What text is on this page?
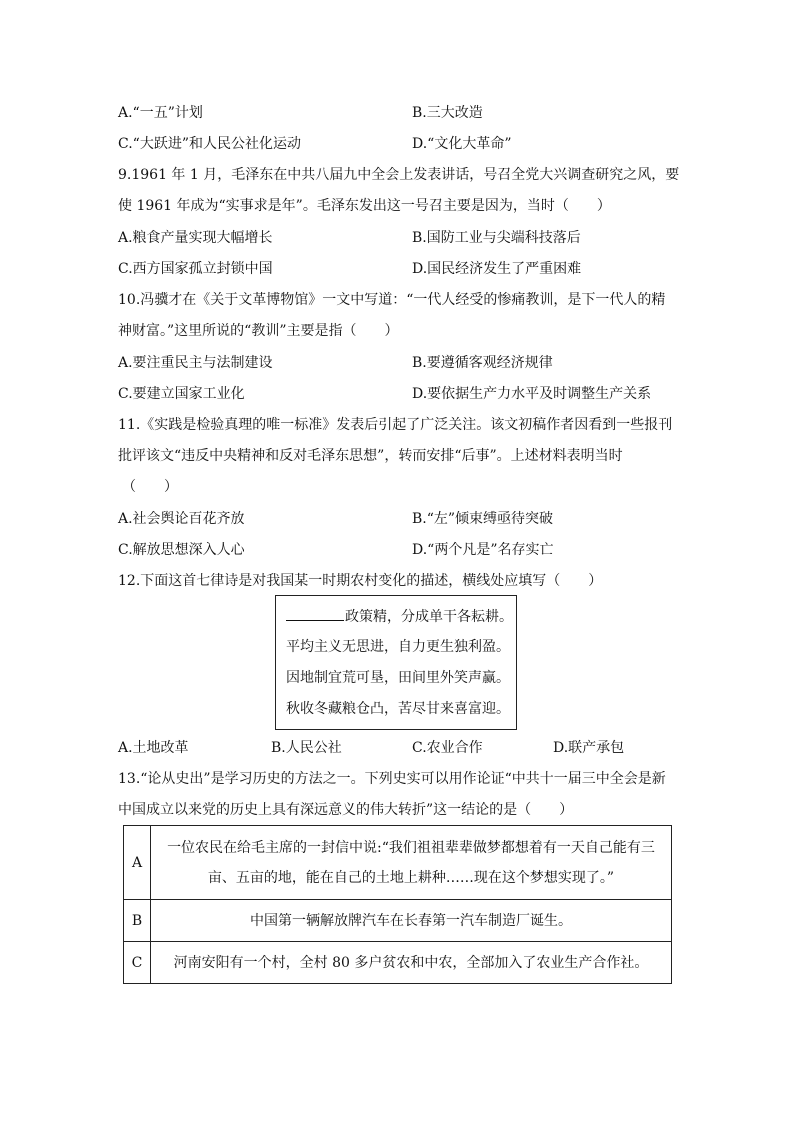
A.“一五”计划	B.三大改造
C.“大跃进”和人民公社化运动	D.“文化大革命”
9.1961 年 1 月，毛泽东在中共八届九中全会上发表讲话，号召全党大兴调查研究之风，要
使 1961 年成为“实事求是年”。毛泽东发出这一号召主要是因为，当时（　　）
A.粮食产量实现大幅增长	B.国防工业与尖端科技落后
C.西方国家孤立封锁中国	D.国民经济发生了严重困难
10.冯骥才在《关于文革博物馆》一文中写道：“一代人经受的惨痛教训，是下一代人的精
神财富。”这里所说的“教训”主要是指（　　）
A.要注重民主与法制建设	B.要遵循客观经济规律
C.要建立国家工业化	D.要依据生产力水平及时调整生产关系
11.《实践是检验真理的唯一标准》发表后引起了广泛关注。该文初稿作者因看到一些报刊
批评该文“违反中央精神和反对毛泽东思想”，转而安排“后事”。上述材料表明当时
（　　）
A.社会舆论百花齐放	B.“左”倾束缚亟待突破
C.解放思想深入人心	D.“两个凡是”名存实亡
12.下面这首七律诗是对我国某一时期农村变化的描述，横线处应填写（　　）
政策精，分成单干各耘耕。
平均主义无思进，自力更生独利盈。
因地制宜荒可垦，田间里外笑声赢。
秋收冬藏粮仓凸，苦尽甘来喜富迎。
A.土地改革	B.人民公社	C.农业合作	D.联产承包
13.“论从史出”是学习历史的方法之一。下列史实可以用作论证“中共十一届三中全会是新
中国成立以来党的历史上具有深远意义的伟大转折”这一结论的是（　　）
A	一位农民在给毛主席的一封信中说:“我们祖祖辈辈做梦都想着有一天自己能有三
亩、五亩的地，能在自己的土地上耕种……现在这个梦想实现了。”

B	中国第一辆解放牌汽车在长春第一汽车制造厂诞生。
C	河南安阳有一个村，全村 80 多户贫农和中农，全部加入了农业生产合作社。
